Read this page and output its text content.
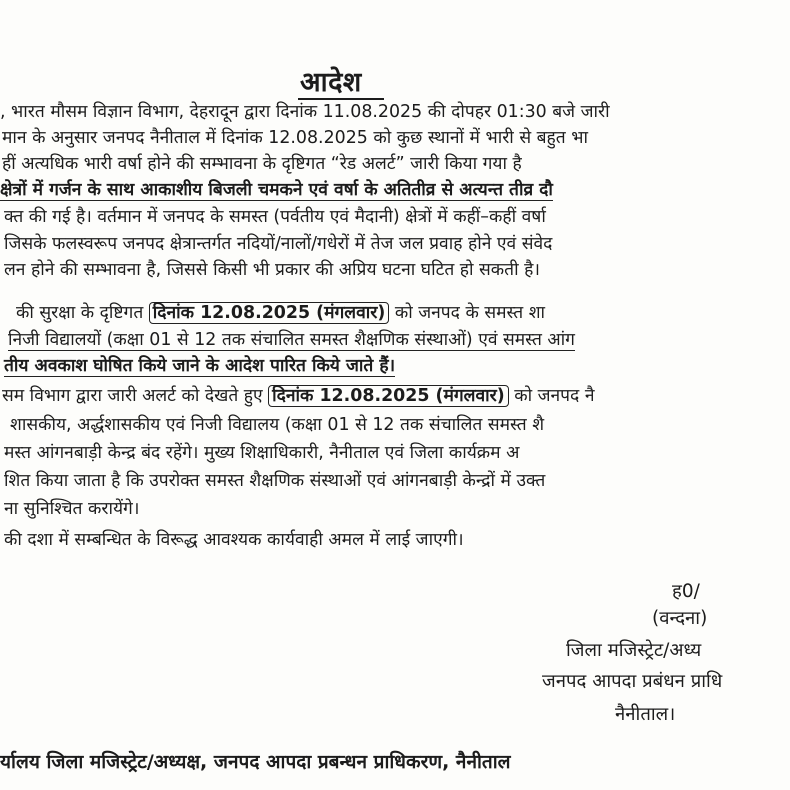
आदेश
, भारत मौसम विज्ञान विभाग, देहरादून द्वारा दिनांक 11.08.2025 की दोपहर 01:30 बजे जारी
मान के अनुसार जनपद नैनीताल में दिनांक 12.08.2025 को कुछ स्थानों में भारी से बहुत भा
हीं अत्यधिक भारी वर्षा होने की सम्भावना के दृष्टिगत “रेड अलर्ट” जारी किया गया है
क्षेत्रों में गर्जन के साथ आकाशीय बिजली चमकने एवं वर्षा के अतितीव्र से अत्यन्त तीव्र दौ
क्त की गई है। वर्तमान में जनपद के समस्त (पर्वतीय एवं मैदानी) क्षेत्रों में कहीं–कहीं वर्षा
जिसके फलस्वरूप जनपद क्षेत्रान्तर्गत नदियों/नालों/गधेरों में तेज जल प्रवाह होने एवं संवेद
लन होने की सम्भावना है, जिससे किसी भी प्रकार की अप्रिय घटना घटित हो सकती है।
की सुरक्षा के दृष्टिगत दिनांक 12.08.2025 (मंगलवार) को जनपद के समस्त शा
निजी विद्यालयों (कक्षा 01 से 12 तक संचालित समस्त शैक्षणिक संस्थाओं) एवं समस्त आंग
तीय अवकाश घोषित किये जाने के आदेश पारित किये जाते हैं।
सम विभाग द्वारा जारी अलर्ट को देखते हुए दिनांक 12.08.2025 (मंगलवार) को जनपद नै
शासकीय, अर्द्धशासकीय एवं निजी विद्यालय (कक्षा 01 से 12 तक संचालित समस्त शै
मस्त आंगनबाड़ी केन्द्र बंद रहेंगे। मुख्य शिक्षाधिकारी, नैनीताल एवं जिला कार्यक्रम अ
शित किया जाता है कि उपरोक्त समस्त शैक्षणिक संस्थाओं एवं आंगनबाड़ी केन्द्रों में उक्त
ना सुनिश्चित करायेंगे।
की दशा में सम्बन्धित के विरूद्ध आवश्यक कार्यवाही अमल में लाई जाएगी।
ह0/
(वन्दना)
जिला मजिस्ट्रेट/अध्य
जनपद आपदा प्रबंधन प्राधि
नैनीताल।
र्यालय जिला मजिस्ट्रेट/अध्यक्ष, जनपद आपदा प्रबन्धन प्राधिकरण, नैनीताल
